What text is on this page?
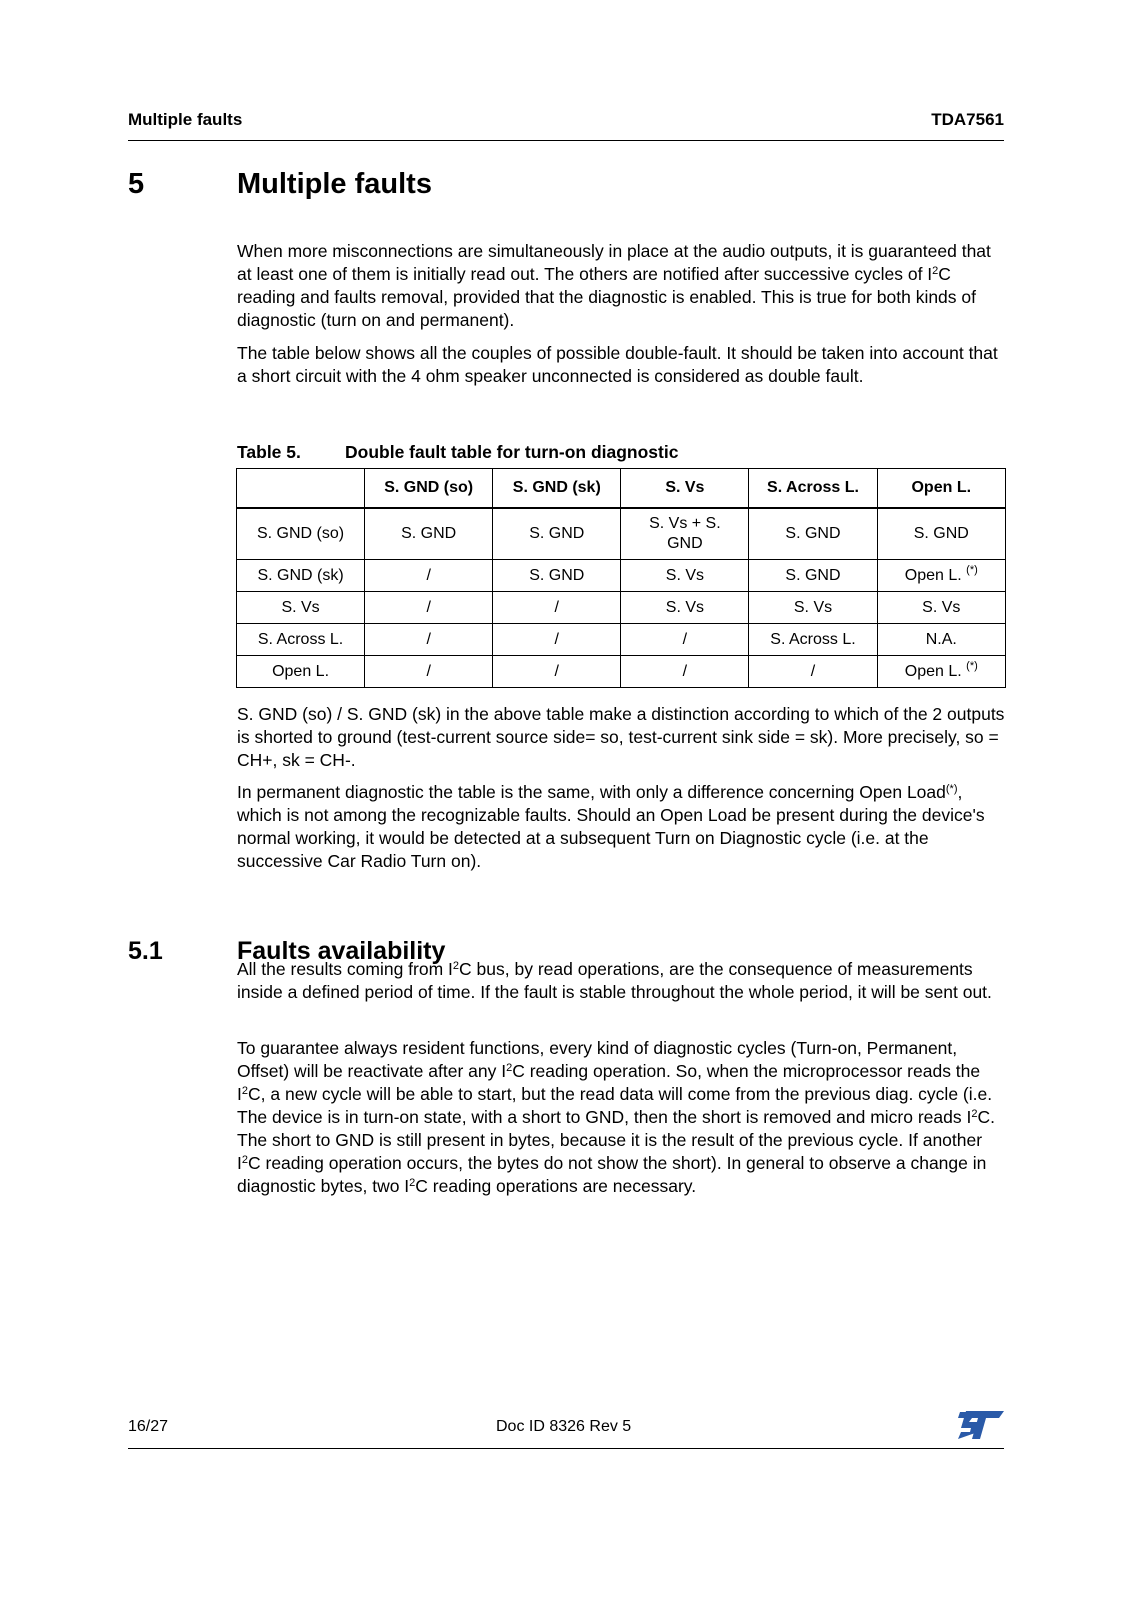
Multiple faults	TDA7561
5	Multiple faults
When more misconnections are simultaneously in place at the audio outputs, it is guaranteed that at least one of them is initially read out. The others are notified after successive cycles of $I^2C$ reading and faults removal, provided that the diagnostic is enabled. This is true for both kinds of diagnostic (turn on and permanent).
The table below shows all the couples of possible double-fault. It should be taken into account that a short circuit with the 4 ohm speaker unconnected is considered as double fault.
Table 5.	Double fault table for turn-on diagnostic
	S. GND (so)	S. GND (sk)	S. Vs	S. Across L.	Open L.
S. GND (so)	S. GND	S. GND	S. Vs + S. GND	S. GND	S. GND
S. GND (sk)	/	S. GND	S. Vs	S. GND	Open L. (*)
S. Vs	/	/	S. Vs	S. Vs	S. Vs
S. Across L.	/	/	/	S. Across L.	N.A.
Open L.	/	/	/	/	Open L. (*)
S. GND (so) / S. GND (sk) in the above table make a distinction according to which of the 2 outputs is shorted to ground (test-current source side= so, test-current sink side = sk). More precisely, so = CH+, sk = CH-.
In permanent diagnostic the table is the same, with only a difference concerning Open Load(*), which is not among the recognizable faults. Should an Open Load be present during the device's normal working, it would be detected at a subsequent Turn on Diagnostic cycle (i.e. at the successive Car Radio Turn on).
5.1	Faults availability
All the results coming from $I^2C$ bus, by read operations, are the consequence of measurements inside a defined period of time. If the fault is stable throughout the whole period, it will be sent out.
To guarantee always resident functions, every kind of diagnostic cycles (Turn-on, Permanent, Offset) will be reactivate after any $I^2C$ reading operation. So, when the microprocessor reads the $I^2C$, a new cycle will be able to start, but the read data will come from the previous diag. cycle (i.e. The device is in turn-on state, with a short to GND, then the short is removed and micro reads $I^2C$. The short to GND is still present in bytes, because it is the result of the previous cycle. If another $I^2C$ reading operation occurs, the bytes do not show the short). In general to observe a change in diagnostic bytes, two $I^2C$ reading operations are necessary.
16/27	Doc ID 8326 Rev 5
